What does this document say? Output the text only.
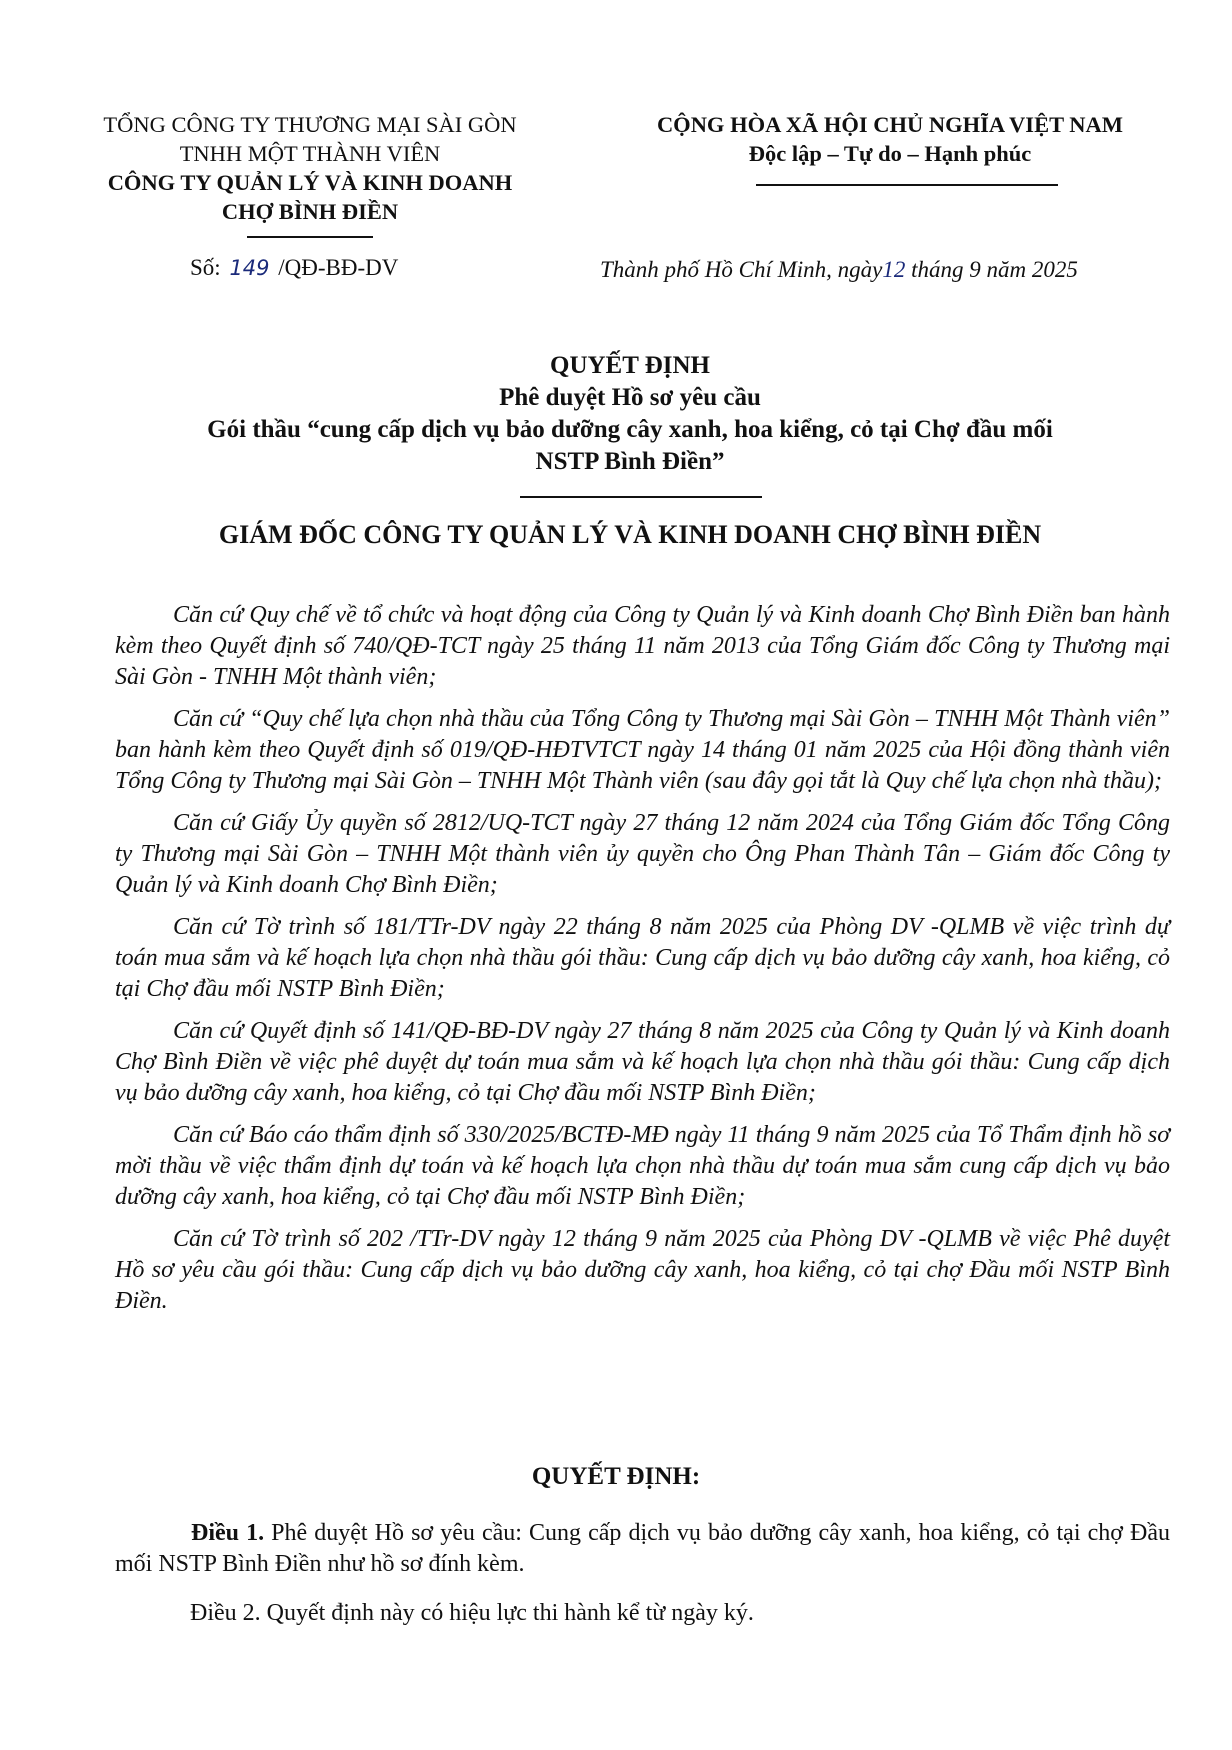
TỔNG CÔNG TY THƯƠNG MẠI SÀI GÒN
TNHH MỘT THÀNH VIÊN
CÔNG TY QUẢN LÝ VÀ KINH DOANH
CHỢ BÌNH ĐIỀN
CỘNG HÒA XÃ HỘI CHỦ NGHĨA VIỆT NAM
Độc lập – Tự do – Hạnh phúc
Số: 149 /QĐ-BĐ-DV	Thành phố Hồ Chí Minh, ngày12 tháng 9 năm 2025
QUYẾT ĐỊNH
Phê duyệt Hồ sơ yêu cầu
Gói thầu “cung cấp dịch vụ bảo dưỡng cây xanh, hoa kiểng, cỏ tại Chợ đầu mối
NSTP Bình Điền”
GIÁM ĐỐC CÔNG TY QUẢN LÝ VÀ KINH DOANH CHỢ BÌNH ĐIỀN

Căn cứ Quy chế về tổ chức và hoạt động của Công ty Quản lý và Kinh doanh Chợ Bình Điền ban hành kèm theo Quyết định số 740/QĐ-TCT ngày 25 tháng 11 năm 2013 của Tổng Giám đốc Công ty Thương mại Sài Gòn - TNHH Một thành viên;

Căn cứ “Quy chế lựa chọn nhà thầu của Tổng Công ty Thương mại Sài Gòn – TNHH Một Thành viên” ban hành kèm theo Quyết định số 019/QĐ-HĐTVTCT ngày 14 tháng 01 năm 2025 của Hội đồng thành viên Tổng Công ty Thương mại Sài Gòn – TNHH Một Thành viên (sau đây gọi tắt là Quy chế lựa chọn nhà thầu);

Căn cứ Giấy Ủy quyền số 2812/UQ-TCT ngày 27 tháng 12 năm 2024 của Tổng Giám đốc Tổng Công ty Thương mại Sài Gòn – TNHH Một thành viên ủy quyền cho Ông Phan Thành Tân – Giám đốc Công ty Quản lý và Kinh doanh Chợ Bình Điền;

Căn cứ Tờ trình số 181/TTr-DV ngày 22 tháng 8 năm 2025 của Phòng DV -QLMB về việc trình dự toán mua sắm và kế hoạch lựa chọn nhà thầu gói thầu: Cung cấp dịch vụ bảo dưỡng cây xanh, hoa kiểng, cỏ tại Chợ đầu mối NSTP Bình Điền;

Căn cứ Quyết định số 141/QĐ-BĐ-DV ngày 27 tháng 8 năm 2025 của Công ty Quản lý và Kinh doanh Chợ Bình Điền về việc phê duyệt dự toán mua sắm và kế hoạch lựa chọn nhà thầu gói thầu: Cung cấp dịch vụ bảo dưỡng cây xanh, hoa kiểng, cỏ tại Chợ đầu mối NSTP Bình Điền;

Căn cứ Báo cáo thẩm định số 330/2025/BCTĐ-MĐ ngày 11 tháng 9 năm 2025 của Tổ Thẩm định hồ sơ mời thầu về việc thẩm định dự toán và kế hoạch lựa chọn nhà thầu dự toán mua sắm cung cấp dịch vụ bảo dưỡng cây xanh, hoa kiểng, cỏ tại Chợ đầu mối NSTP Bình Điền;

Căn cứ Tờ trình số 202 /TTr-DV ngày 12 tháng 9 năm 2025 của Phòng DV -QLMB về việc Phê duyệt Hồ sơ yêu cầu gói thầu: Cung cấp dịch vụ bảo dưỡng cây xanh, hoa kiểng, cỏ tại chợ Đầu mối NSTP Bình Điền.

QUYẾT ĐỊNH:

Điều 1. Phê duyệt Hồ sơ yêu cầu: Cung cấp dịch vụ bảo dưỡng cây xanh, hoa kiểng, cỏ tại chợ Đầu mối NSTP Bình Điền như hồ sơ đính kèm.

Điều 2. Quyết định này có hiệu lực thi hành kể từ ngày ký.
